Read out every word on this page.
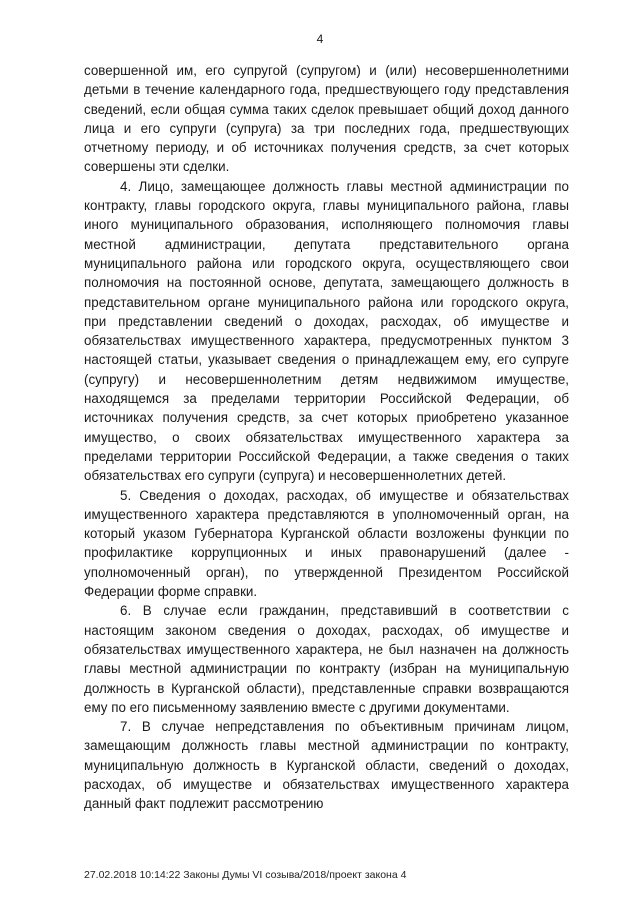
4

совершенной им, его супругой (супругом) и (или) несовершеннолетними детьми в течение календарного года, предшествующего году представления сведений, если общая сумма таких сделок превышает общий доход данного лица и его супруги (супруга) за три последних года, предшествующих отчетному периоду, и об источниках получения средств, за счет которых совершены эти сделки.

4. Лицо, замещающее должность главы местной администрации по контракту, главы городского округа, главы муниципального района, главы иного муниципального образования, исполняющего полномочия главы местной администрации, депутата представительного органа муниципального района или городского округа, осуществляющего свои полномочия на постоянной основе, депутата, замещающего должность в представительном органе муниципального района или городского округа, при представлении сведений о доходах, расходах, об имуществе и обязательствах имущественного характера, предусмотренных пунктом 3 настоящей статьи, указывает сведения о принадлежащем ему, его супруге (супругу) и несовершеннолетним детям недвижимом имуществе, находящемся за пределами территории Российской Федерации, об источниках получения средств, за счет которых приобретено указанное имущество, о своих обязательствах имущественного характера за пределами территории Российской Федерации, а также сведения о таких обязательствах его супруги (супруга) и несовершеннолетних детей.

5. Сведения о доходах, расходах, об имуществе и обязательствах имущественного характера представляются в уполномоченный орган, на который указом Губернатора Курганской области возложены функции по профилактике коррупционных и иных правонарушений (далее - уполномоченный орган), по утвержденной Президентом Российской Федерации форме справки.

6. В случае если гражданин, представивший в соответствии с настоящим законом сведения о доходах, расходах, об имуществе и обязательствах имущественного характера, не был назначен на должность главы местной администрации по контракту (избран на муниципальную должность в Курганской области), представленные справки возвращаются ему по его письменному заявлению вместе с другими документами.

7. В случае непредставления по объективным причинам лицом, замещающим должность главы местной администрации по контракту, муниципальную должность в Курганской области, сведений о доходах, расходах, об имуществе и обязательствах имущественного характера данный факт подлежит рассмотрению

27.02.2018 10:14:22 Законы Думы VI созыва/2018/проект закона 4
